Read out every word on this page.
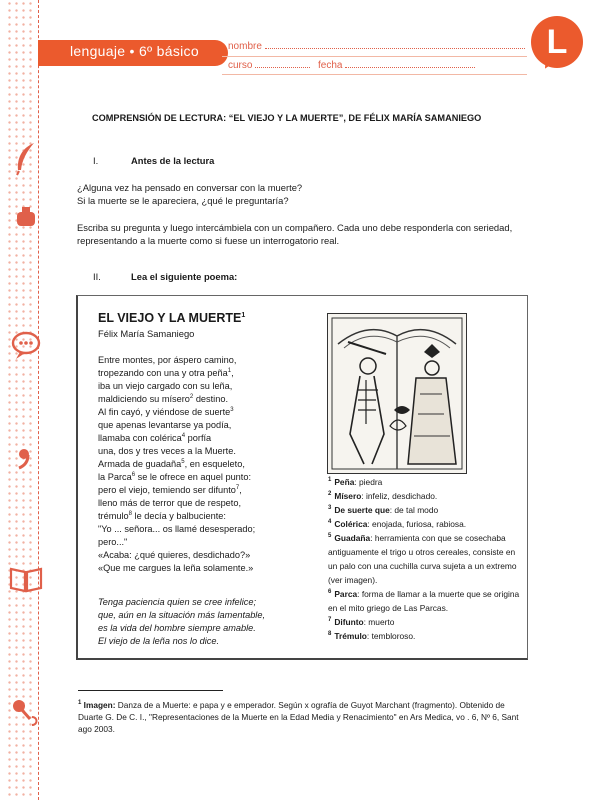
lenguaje • 6º básico	nombre
curso	fecha
L
COMPRENSIÓN DE LECTURA: “EL VIEJO Y LA MUERTE”, DE FÉLIX MARÍA SAMANIEGO
I.	Antes de la lectura

¿Alguna vez ha pensado en conversar con la muerte?
Si la muerte se le apareciera, ¿qué le preguntaría?

Escriba su pregunta y luego intercámbiela con un compañero. Cada uno debe responderla con seriedad, representando a la muerte como si fuese un interrogatorio real.

II.	Lea el siguiente poema:
EL VIEJO Y LA MUERTE$^1$
Félix María Samaniego
Entre montes, por áspero camino,
tropezando con una y otra peña$^1$,
iba un viejo cargado con su leña,
maldiciendo su mísero$^2$ destino.
Al fin cayó, y viéndose de suerte$^3$
que apenas levantarse ya podía,
llamaba con colérica$^4$ porfía
una, dos y tres veces a la Muerte.
Armada de guadaña$^5$, en esqueleto,
la Parca$^6$ se le ofrece en aquel punto:
pero el viejo, temiendo ser difunto$^7$,
lleno más de terror que de respeto,
trémulo$^8$ le decía y balbuciente:
"Yo ... señora... os llamé desesperado;
pero..."
«Acaba: ¿qué quieres, desdichado?»
«Que me cargues la leña solamente.»
Tenga paciencia quien se cree infelice;
que, aún en la situación más lamentable,
es la vida del hombre siempre amable.
El viejo de la leña nos lo dice.
$^1$ Peña: piedra
$^2$ Mísero: infeliz, desdichado.
$^3$ De suerte que: de tal modo
$^4$ Colérica: enojada, furiosa, rabiosa.
$^5$ Guadaña: herramienta con que se cosechaba antiguamente el trigo u otros cereales, consiste en un palo con una cuchilla curva sujeta a un extremo (ver imagen).
$^6$ Parca: forma de llamar a la muerte que se origina en el mito griego de Las Parcas.
$^7$ Difunto: muerto
$^8$ Trémulo: tembloroso.

$^1$ Imagen: Danza de a Muerte: e papa y e emperador. Según x ografía de Guyot Marchant (fragmento). Obtenido de Duarte G. De C. I., "Representaciones de la Muerte en la Edad Media y Renacimiento" en Ars Medica, vo . 6, Nº 6, Sant ago 2003.
